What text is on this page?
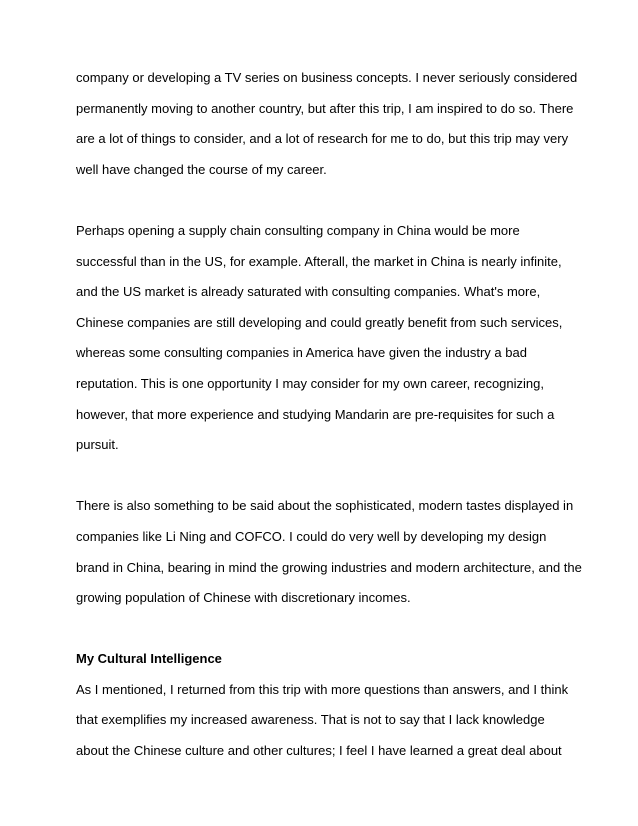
company or developing a TV series on business concepts. I never seriously considered
permanently moving to another country, but after this trip, I am inspired to do so. There
are a lot of things to consider, and a lot of research for me to do, but this trip may very
well have changed the course of my career.
Perhaps opening a supply chain consulting company in China would be more
successful than in the US, for example. Afterall, the market in China is nearly infinite,
and the US market is already saturated with consulting companies. What's more,
Chinese companies are still developing and could greatly benefit from such services,
whereas some consulting companies in America have given the industry a bad
reputation. This is one opportunity I may consider for my own career, recognizing,
however, that more experience and studying Mandarin are pre-requisites for such a
pursuit.
There is also something to be said about the sophisticated, modern tastes displayed in
companies like Li Ning and COFCO. I could do very well by developing my design
brand in China, bearing in mind the growing industries and modern architecture, and the
growing population of Chinese with discretionary incomes.
My Cultural Intelligence
As I mentioned, I returned from this trip with more questions than answers, and I think
that exemplifies my increased awareness. That is not to say that I lack knowledge
about the Chinese culture and other cultures; I feel I have learned a great deal about
